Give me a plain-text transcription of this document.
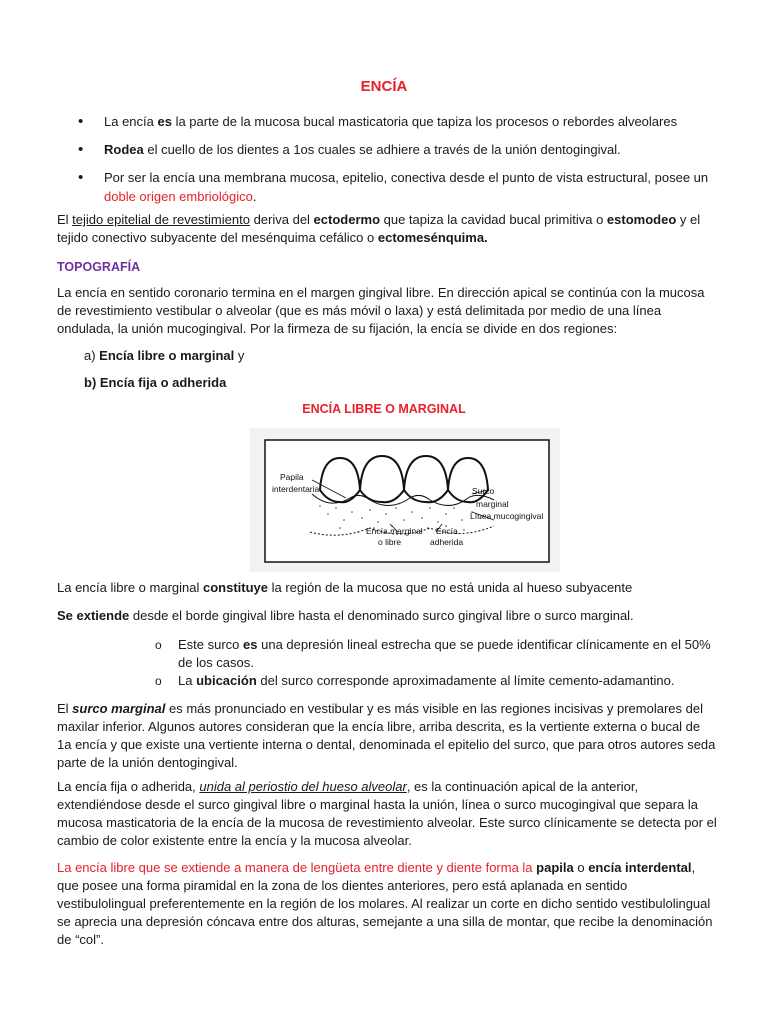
ENCÍA
• La encía es la parte de la mucosa bucal masticatoria que tapiza los procesos o rebordes alveolares
• Rodea el cuello de los dientes a 1os cuales se adhiere a través de la unión dentogingival.
• Por ser la encía una membrana mucosa, epitelio, conectiva desde el punto de vista estructural, posee un doble origen embriológico.

El tejido epitelial de revestimiento deriva del ectodermo que tapiza la cavidad bucal primitiva o estomodeo y el tejido conectivo subyacente del mesénquima cefálico o ectomesénquima.

TOPOGRAFÍA

La encía en sentido coronario termina en el margen gingival libre. En dirección apical se continúa con la mucosa de revestimiento vestibular o alveolar (que es más móvil o laxa) y está delimitada por medio de una línea ondulada, la unión mucogingival. Por la firmeza de su fijación, la encía se divide en dos regiones:

a) Encía libre o marginal y
b) Encía fija o adherida
ENCÍA LIBRE O MARGINAL
Papila
interdentaria	Surco
marginal
Línea mucogingival
Encía marginal
o libre
Encía
adherida

La encía libre o marginal constituye la región de la mucosa que no está unida al hueso subyacente

Se extiende desde el borde gingival libre hasta el denominado surco gingival libre o surco marginal.

o Este surco es una depresión lineal estrecha que se puede identificar clínicamente en el 50% de los casos.
o La ubicación del surco corresponde aproximadamente al límite cemento-adamantino.

El surco marginal es más pronunciado en vestibular y es más visible en las regiones incisivas y premolares del maxilar inferior. Algunos autores consideran que la encía libre, arriba descrita, es la vertiente externa o bucal de 1a encía y que existe una vertiente interna o dental, denominada el epitelio del surco, que para otros autores seda parte de la unión dentogingival.

La encía fija o adherida, unida al periostio del hueso alveolar, es la continuación apical de la anterior, extendiéndose desde el surco gingival libre o marginal hasta la unión, línea o surco mucogingival que separa la mucosa masticatoria de la encía de la mucosa de revestimiento alveolar. Este surco clínicamente se detecta por el cambio de color existente entre la encía y la mucosa alveolar.

La encía libre que se extiende a manera de lengüeta entre diente y diente forma la papila o encía interdental, que posee una forma piramidal en la zona de los dientes anteriores, pero está aplanada en sentido vestibulolingual preferentemente en la región de los molares. Al realizar un corte en dicho sentido vestibulolingual se aprecia una depresión cóncava entre dos alturas, semejante a una silla de montar, que recibe la denominación de “col”.
